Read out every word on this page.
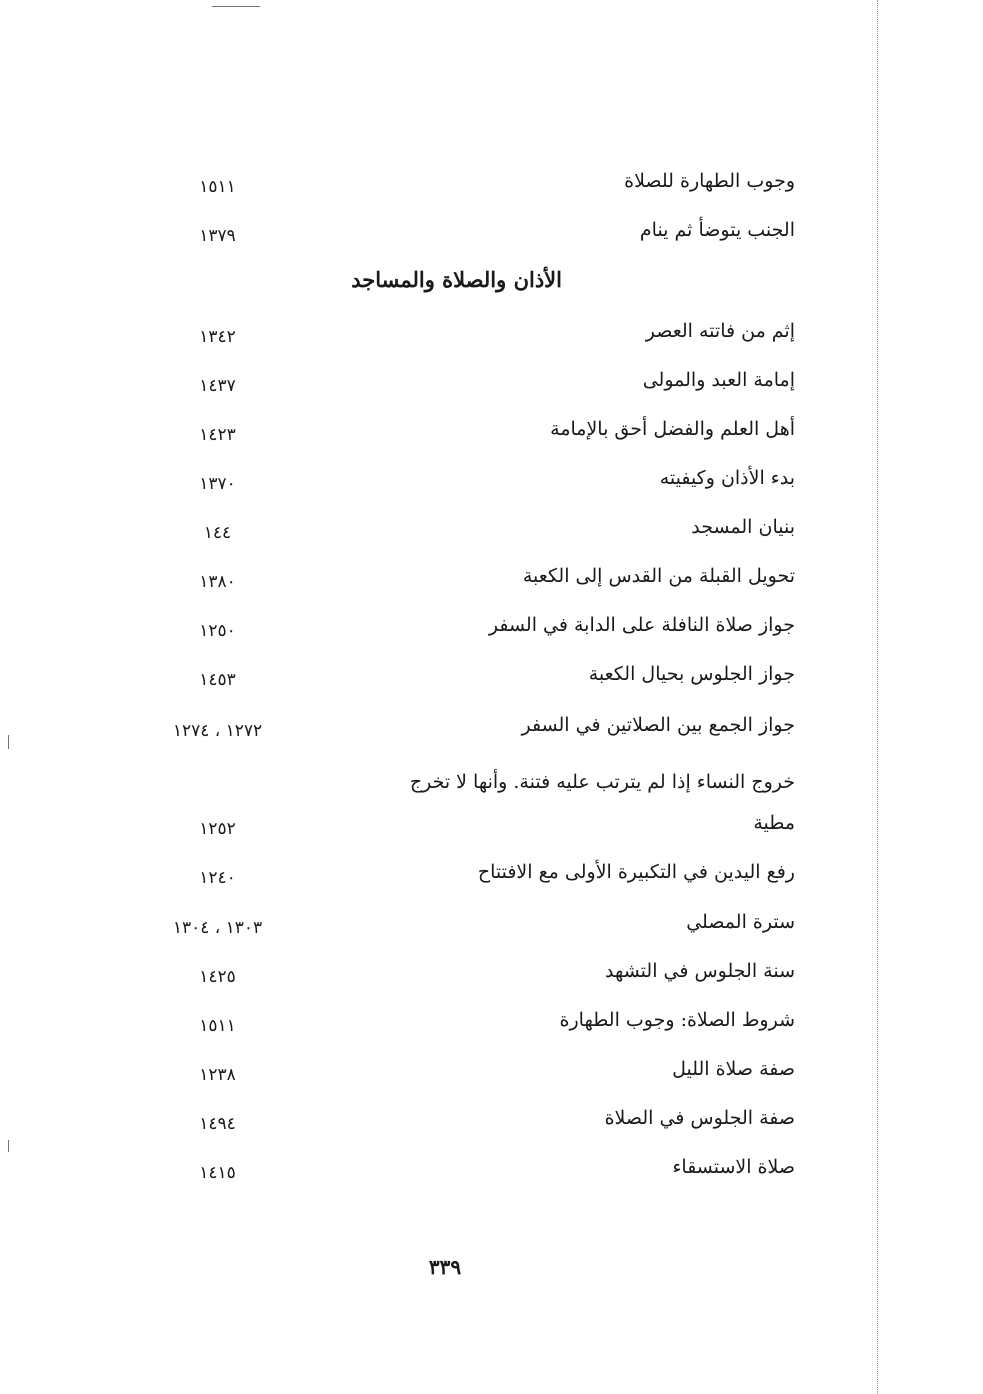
وجوب الطهارة للصلاة
١٥١١
الجنب يتوضأ ثم ينام
١٣٧٩
الأذان والصلاة والمساجد
إثم من فاتته العصر
١٣٤٢
إمامة العبد والمولى
١٤٣٧
أهل العلم والفضل أحق بالإمامة
١٤٢٣
بدء الأذان وكيفيته
١٣٧٠
بنيان المسجد
١٤٤
تحويل القبلة من القدس إلى الكعبة
١٣٨٠
جواز صلاة النافلة على الدابة في السفر
١٢٥٠
جواز الجلوس بحيال الكعبة
١٤٥٣
جواز الجمع بين الصلاتين في السفر
١٢٧٢ ، ١٢٧٤
خروج النساء إذا لم يترتب عليه فتنة. وأنها لا تخرج
مطية
١٢٥٢
رفع اليدين في التكبيرة الأولى مع الافتتاح
١٢٤٠
سترة المصلي
١٣٠٣ ، ١٣٠٤
سنة الجلوس في التشهد
١٤٢٥
شروط الصلاة: وجوب الطهارة
١٥١١
صفة صلاة الليل
١٢٣٨
صفة الجلوس في الصلاة
١٤٩٤
صلاة الاستسقاء
١٤١٥
٣٣٩
